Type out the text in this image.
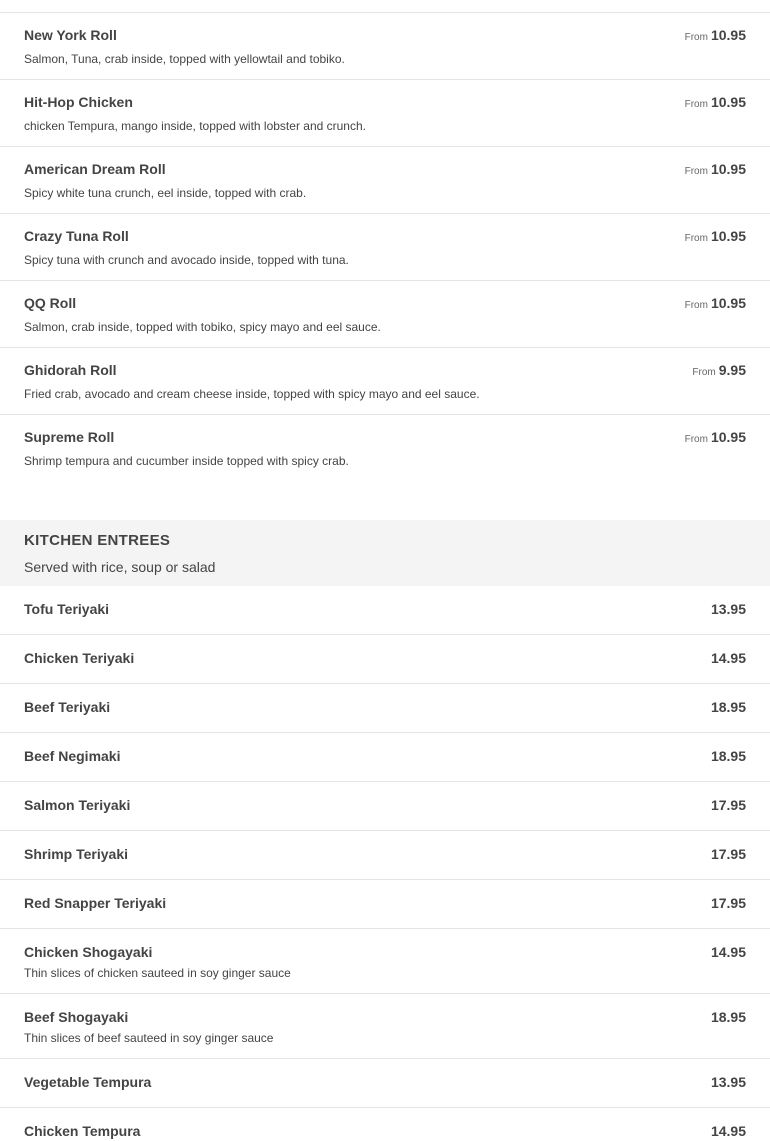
New York Roll	From 10.95
Salmon, Tuna, crab inside, topped with yellowtail and tobiko.
Hit-Hop Chicken	From 10.95
chicken Tempura, mango inside, topped with lobster and crunch.
American Dream Roll	From 10.95
Spicy white tuna crunch, eel inside, topped with crab.
Crazy Tuna Roll	From 10.95
Spicy tuna with crunch and avocado inside, topped with tuna.
QQ Roll	From 10.95
Salmon, crab inside, topped with tobiko, spicy mayo and eel sauce.
Ghidorah Roll	From 9.95
Fried crab, avocado and cream cheese inside, topped with spicy mayo and eel sauce.
Supreme Roll	From 10.95
Shrimp tempura and cucumber inside topped with spicy crab.
KITCHEN ENTREES
Served with rice, soup or salad
Tofu Teriyaki	13.95
Chicken Teriyaki	14.95
Beef Teriyaki	18.95
Beef Negimaki	18.95
Salmon Teriyaki	17.95
Shrimp Teriyaki	17.95
Red Snapper Teriyaki	17.95
Chicken Shogayaki	14.95
Thin slices of chicken sauteed in soy ginger sauce
Beef Shogayaki	18.95
Thin slices of beef sauteed in soy ginger sauce
Vegetable Tempura	13.95
Chicken Tempura	14.95
